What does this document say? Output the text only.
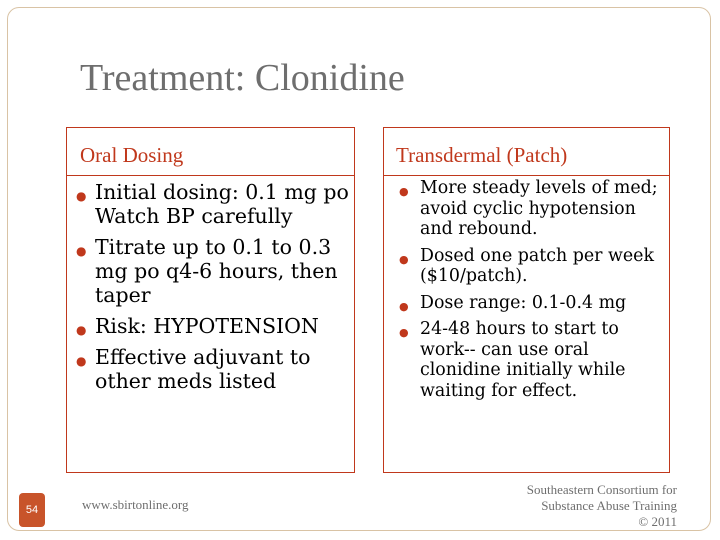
Treatment: Clonidine
Oral Dosing	Transdermal (Patch)
● Initial dosing: 0.1 mg po Watch BP carefully
● Titrate up to 0.1 to 0.3 mg po q4-6 hours, then taper
● Risk: HYPOTENSION
● Effective adjuvant to other meds listed
● More steady levels of med; avoid cyclic hypotension and rebound.
● Dosed one patch per week ($10/patch).
● Dose range: 0.1-0.4 mg
● 24-48 hours to start to work-- can use oral clonidine initially while waiting for effect.
54	www.sbirtonline.org
Southeastern Consortium for
Substance Abuse Training
© 2011
